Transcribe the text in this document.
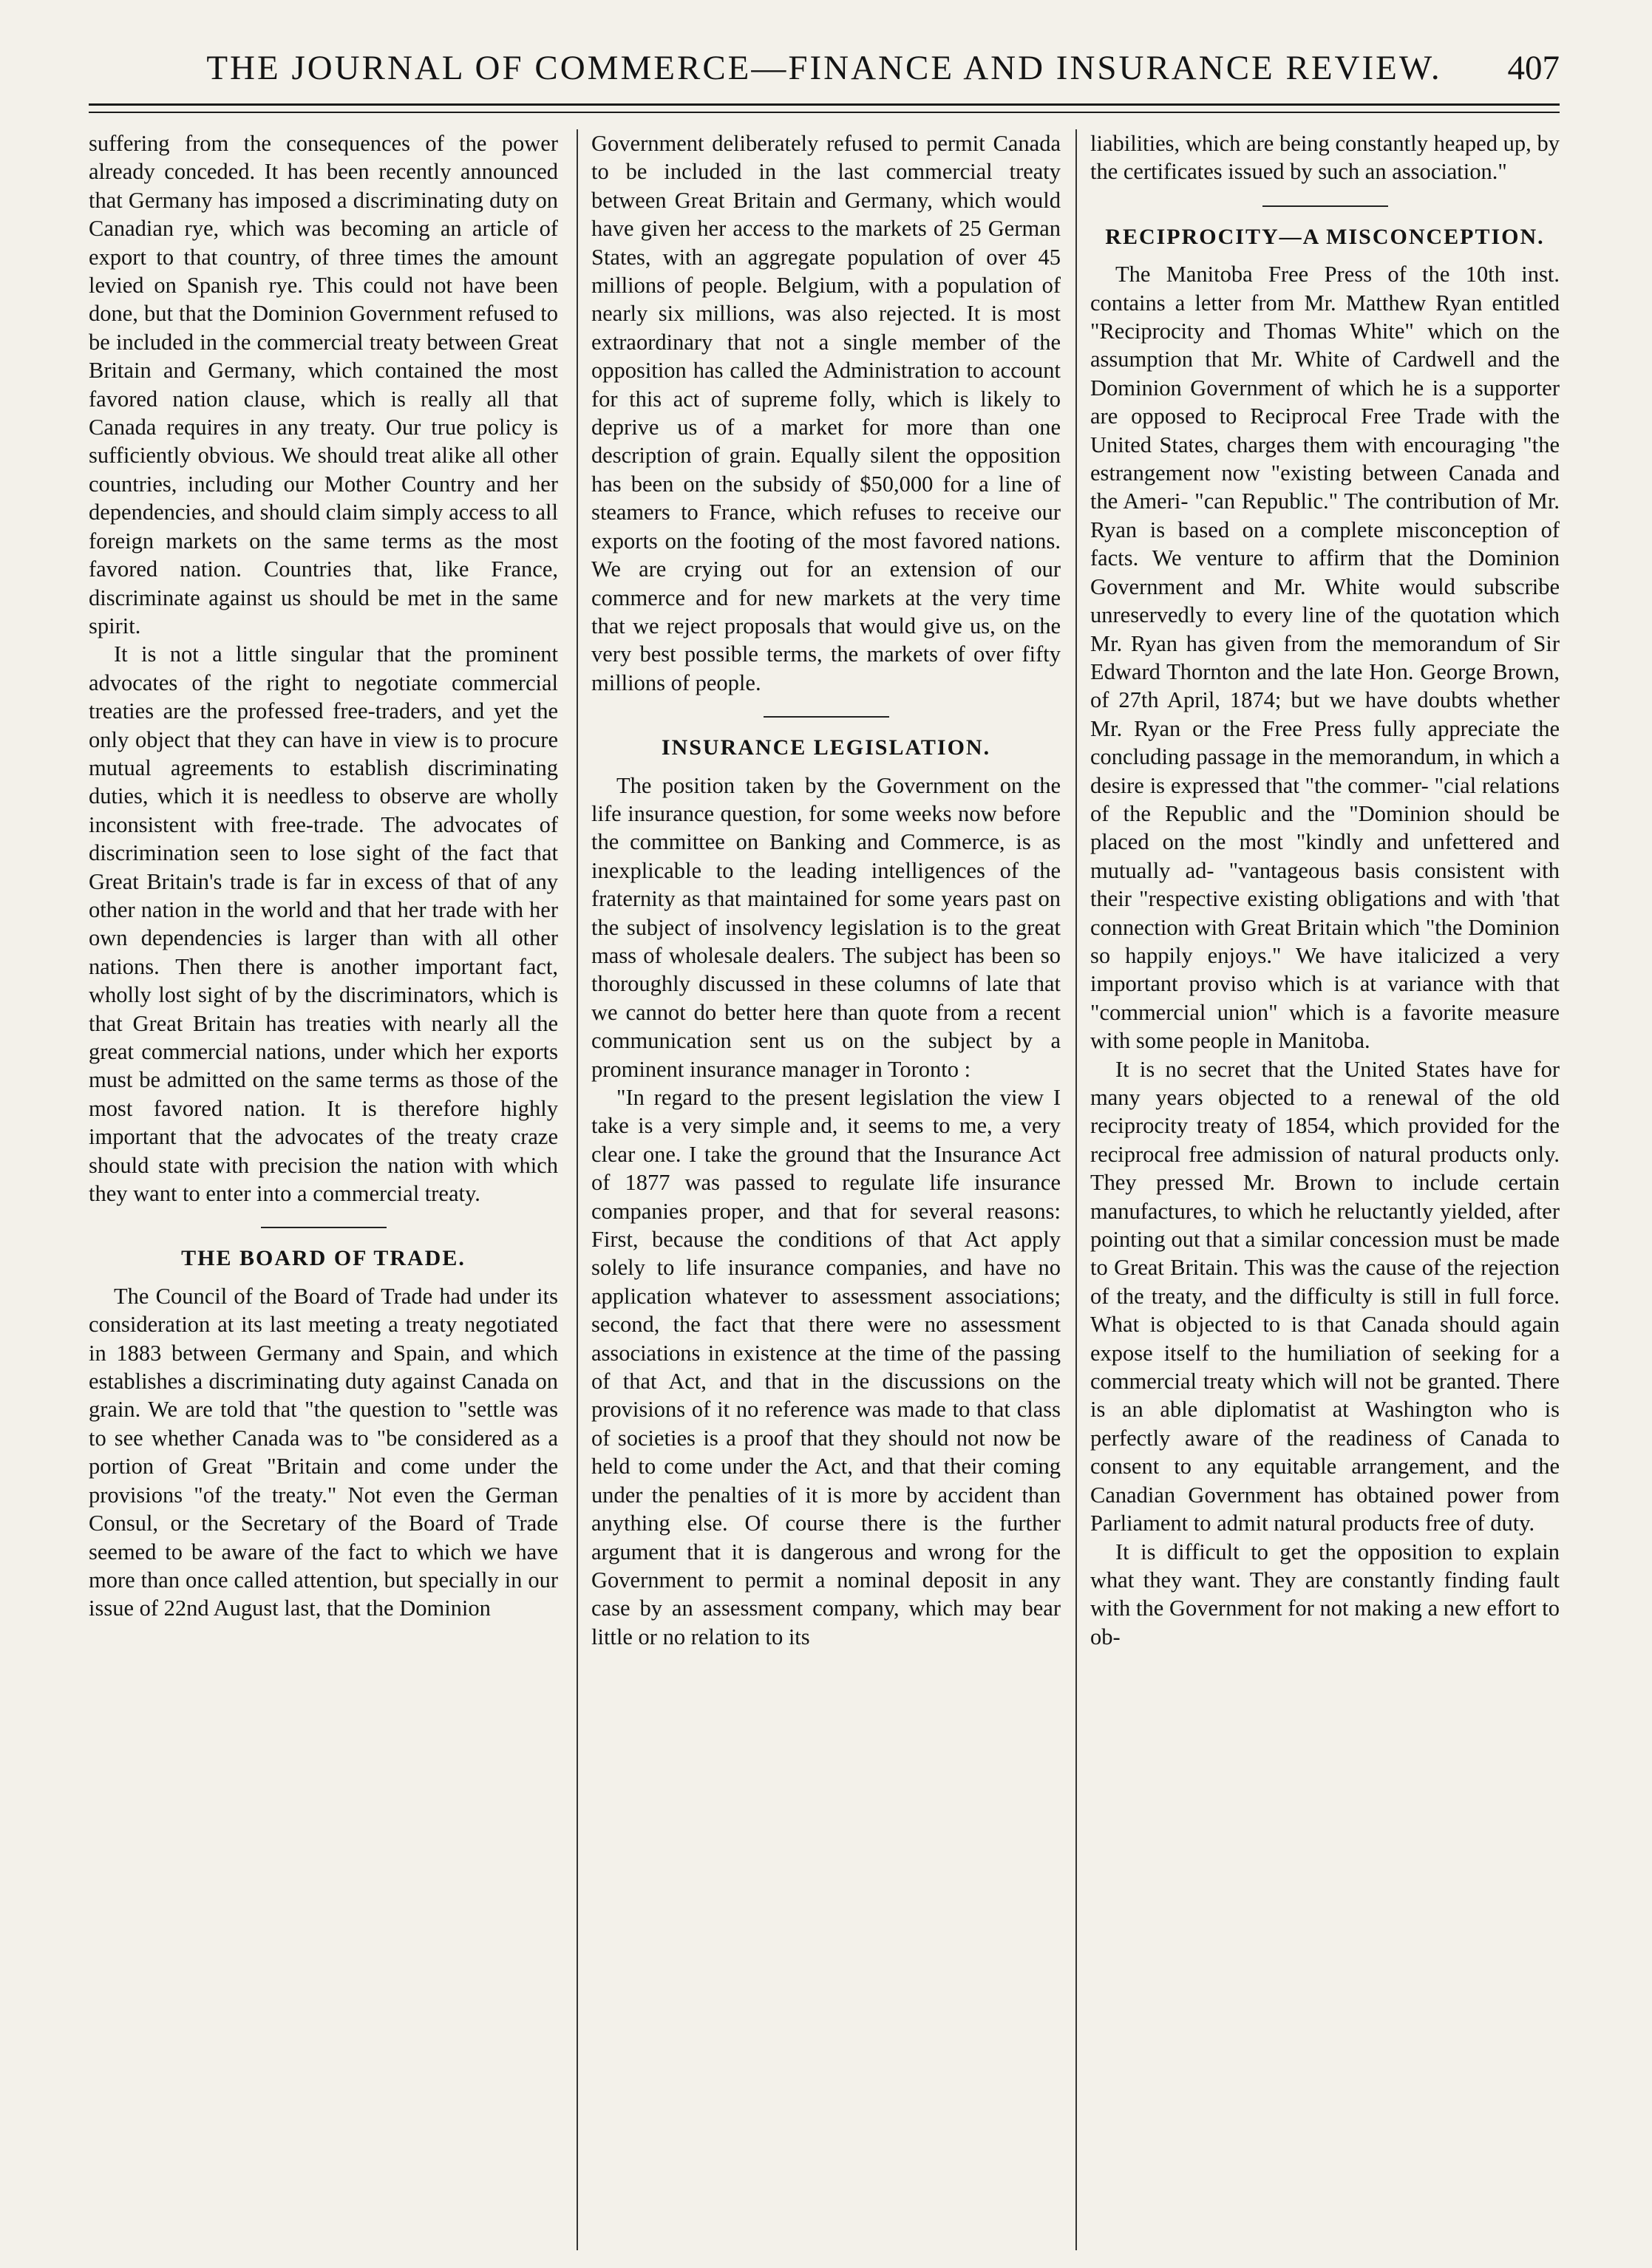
THE JOURNAL OF COMMERCE—FINANCE AND INSURANCE REVIEW.	407

suffering from the consequences of the power already conceded. It has been recently announced that Germany has imposed a discriminating duty on Canadian rye, which was becoming an article of export to that country, of three times the amount levied on Spanish rye. This could not have been done, but that the Dominion Government refused to be included in the commercial treaty between Great Britain and Germany, which contained the most favored nation clause, which is really all that Canada requires in any treaty. Our true policy is sufficiently obvious. We should treat alike all other countries, including our Mother Country and her dependencies, and should claim simply access to all foreign markets on the same terms as the most favored nation. Countries that, like France, discriminate against us should be met in the same spirit.

It is not a little singular that the prominent advocates of the right to negotiate commercial treaties are the professed free-traders, and yet the only object that they can have in view is to procure mutual agreements to establish discriminating duties, which it is needless to observe are wholly inconsistent with free-trade. The advocates of discrimination seen to lose sight of the fact that Great Britain's trade is far in excess of that of any other nation in the world and that her trade with her own dependencies is larger than with all other nations. Then there is another important fact, wholly lost sight of by the discriminators, which is that Great Britain has treaties with nearly all the great commercial nations, under which her exports must be admitted on the same terms as those of the most favored nation. It is therefore highly important that the advocates of the treaty craze should state with precision the nation with which they want to enter into a commercial treaty.

THE BOARD OF TRADE.

The Council of the Board of Trade had under its consideration at its last meeting a treaty negotiated in 1883 between Germany and Spain, and which establishes a discriminating duty against Canada on grain. We are told that "the question to "settle was to see whether Canada was to "be considered as a portion of Great "Britain and come under the provisions "of the treaty." Not even the German Consul, or the Secretary of the Board of Trade seemed to be aware of the fact to which we have more than once called attention, but specially in our issue of 22nd August last, that the Dominion

Government deliberately refused to permit Canada to be included in the last commercial treaty between Great Britain and Germany, which would have given her access to the markets of 25 German States, with an aggregate population of over 45 millions of people. Belgium, with a population of nearly six millions, was also rejected. It is most extraordinary that not a single member of the opposition has called the Administration to account for this act of supreme folly, which is likely to deprive us of a market for more than one description of grain. Equally silent the opposition has been on the subsidy of $50,000 for a line of steamers to France, which refuses to receive our exports on the footing of the most favored nations. We are crying out for an extension of our commerce and for new markets at the very time that we reject proposals that would give us, on the very best possible terms, the markets of over fifty millions of people.

INSURANCE LEGISLATION.

The position taken by the Government on the life insurance question, for some weeks now before the committee on Banking and Commerce, is as inexplicable to the leading intelligences of the fraternity as that maintained for some years past on the subject of insolvency legislation is to the great mass of wholesale dealers. The subject has been so thoroughly discussed in these columns of late that we cannot do better here than quote from a recent communication sent us on the subject by a prominent insurance manager in Toronto :

"In regard to the present legislation the view I take is a very simple and, it seems to me, a very clear one. I take the ground that the Insurance Act of 1877 was passed to regulate life insurance companies proper, and that for several reasons: First, because the conditions of that Act apply solely to life insurance companies, and have no application whatever to assessment associations; second, the fact that there were no assessment associations in existence at the time of the passing of that Act, and that in the discussions on the provisions of it no reference was made to that class of societies is a proof that they should not now be held to come under the Act, and that their coming under the penalties of it is more by accident than anything else. Of course there is the further argument that it is dangerous and wrong for the Government to permit a nominal deposit in any case by an assessment company, which may bear little or no relation to its

liabilities, which are being constantly heaped up, by the certificates issued by such an association."

RECIPROCITY—A MISCONCEPTION.

The Manitoba Free Press of the 10th inst. contains a letter from Mr. Matthew Ryan entitled "Reciprocity and Thomas White" which on the assumption that Mr. White of Cardwell and the Dominion Government of which he is a supporter are opposed to Reciprocal Free Trade with the United States, charges them with encouraging "the estrangement now "existing between Canada and the Ameri- "can Republic." The contribution of Mr. Ryan is based on a complete misconception of facts. We venture to affirm that the Dominion Government and Mr. White would subscribe unreservedly to every line of the quotation which Mr. Ryan has given from the memorandum of Sir Edward Thornton and the late Hon. George Brown, of 27th April, 1874; but we have doubts whether Mr. Ryan or the Free Press fully appreciate the concluding passage in the memorandum, in which a desire is expressed that "the commer- "cial relations of the Republic and the "Dominion should be placed on the most "kindly and unfettered and mutually ad- "vantageous basis consistent with their "respective existing obligations and with 'that connection with Great Britain which "the Dominion so happily enjoys." We have italicized a very important proviso which is at variance with that "commercial union" which is a favorite measure with some people in Manitoba.

It is no secret that the United States have for many years objected to a renewal of the old reciprocity treaty of 1854, which provided for the reciprocal free admission of natural products only. They pressed Mr. Brown to include certain manufactures, to which he reluctantly yielded, after pointing out that a similar concession must be made to Great Britain. This was the cause of the rejection of the treaty, and the difficulty is still in full force. What is objected to is that Canada should again expose itself to the humiliation of seeking for a commercial treaty which will not be granted. There is an able diplomatist at Washington who is perfectly aware of the readiness of Canada to consent to any equitable arrangement, and the Canadian Government has obtained power from Parliament to admit natural products free of duty.

It is difficult to get the opposition to explain what they want. They are constantly finding fault with the Government for not making a new effort to ob-
